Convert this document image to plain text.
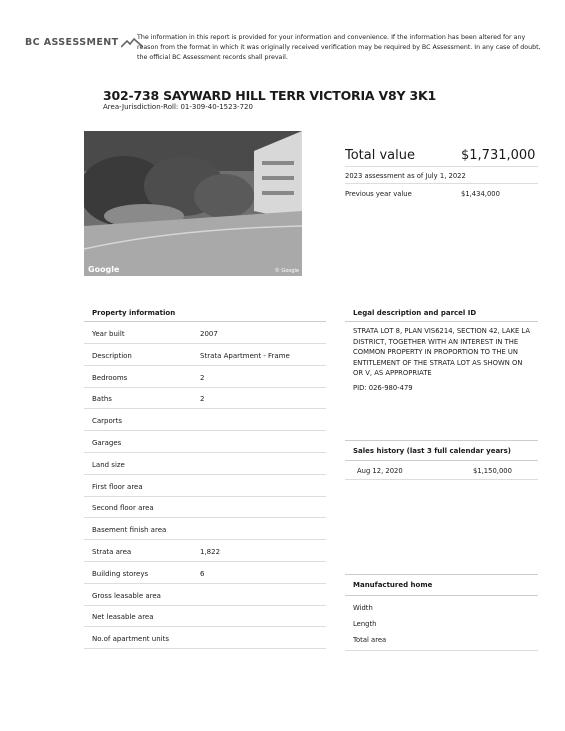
BC ASSESSMENT	The information in this report is provided for your information and convenience. If the information has been altered for any reason from the format in which it was originally received verification may be required by BC Assessment. In any case of doubt, the official BC Assessment records shall prevail.
302-738 SAYWARD HILL TERR VICTORIA V8Y 3K1
Area-Jurisdiction-Roll: 01-309-40-1523-720
Google	© Google
Total value	$1,731,000
2023 assessment as of July 1, 2022
Previous year value	$1,434,000
Property information
Year built	2007
Description	Strata Apartment - Frame
Bedrooms	2
Baths	2
Carports
Garages
Land size
First floor area
Second floor area
Basement finish area
Strata area	1,822
Building storeys	6
Gross leasable area
Net leasable area
No.of apartment units
Legal description and parcel ID
STRATA LOT 8, PLAN VIS6214, SECTION 42, LAKE LA
DISTRICT, TOGETHER WITH AN INTEREST IN THE
COMMON PROPERTY IN PROPORTION TO THE UN
ENTITLEMENT OF THE STRATA LOT AS SHOWN ON
OR V, AS APPROPRIATE
PID: 026-980-479
Sales history (last 3 full calendar years)
Aug 12, 2020	$1,150,000
Manufactured home
Width
Length
Total area
